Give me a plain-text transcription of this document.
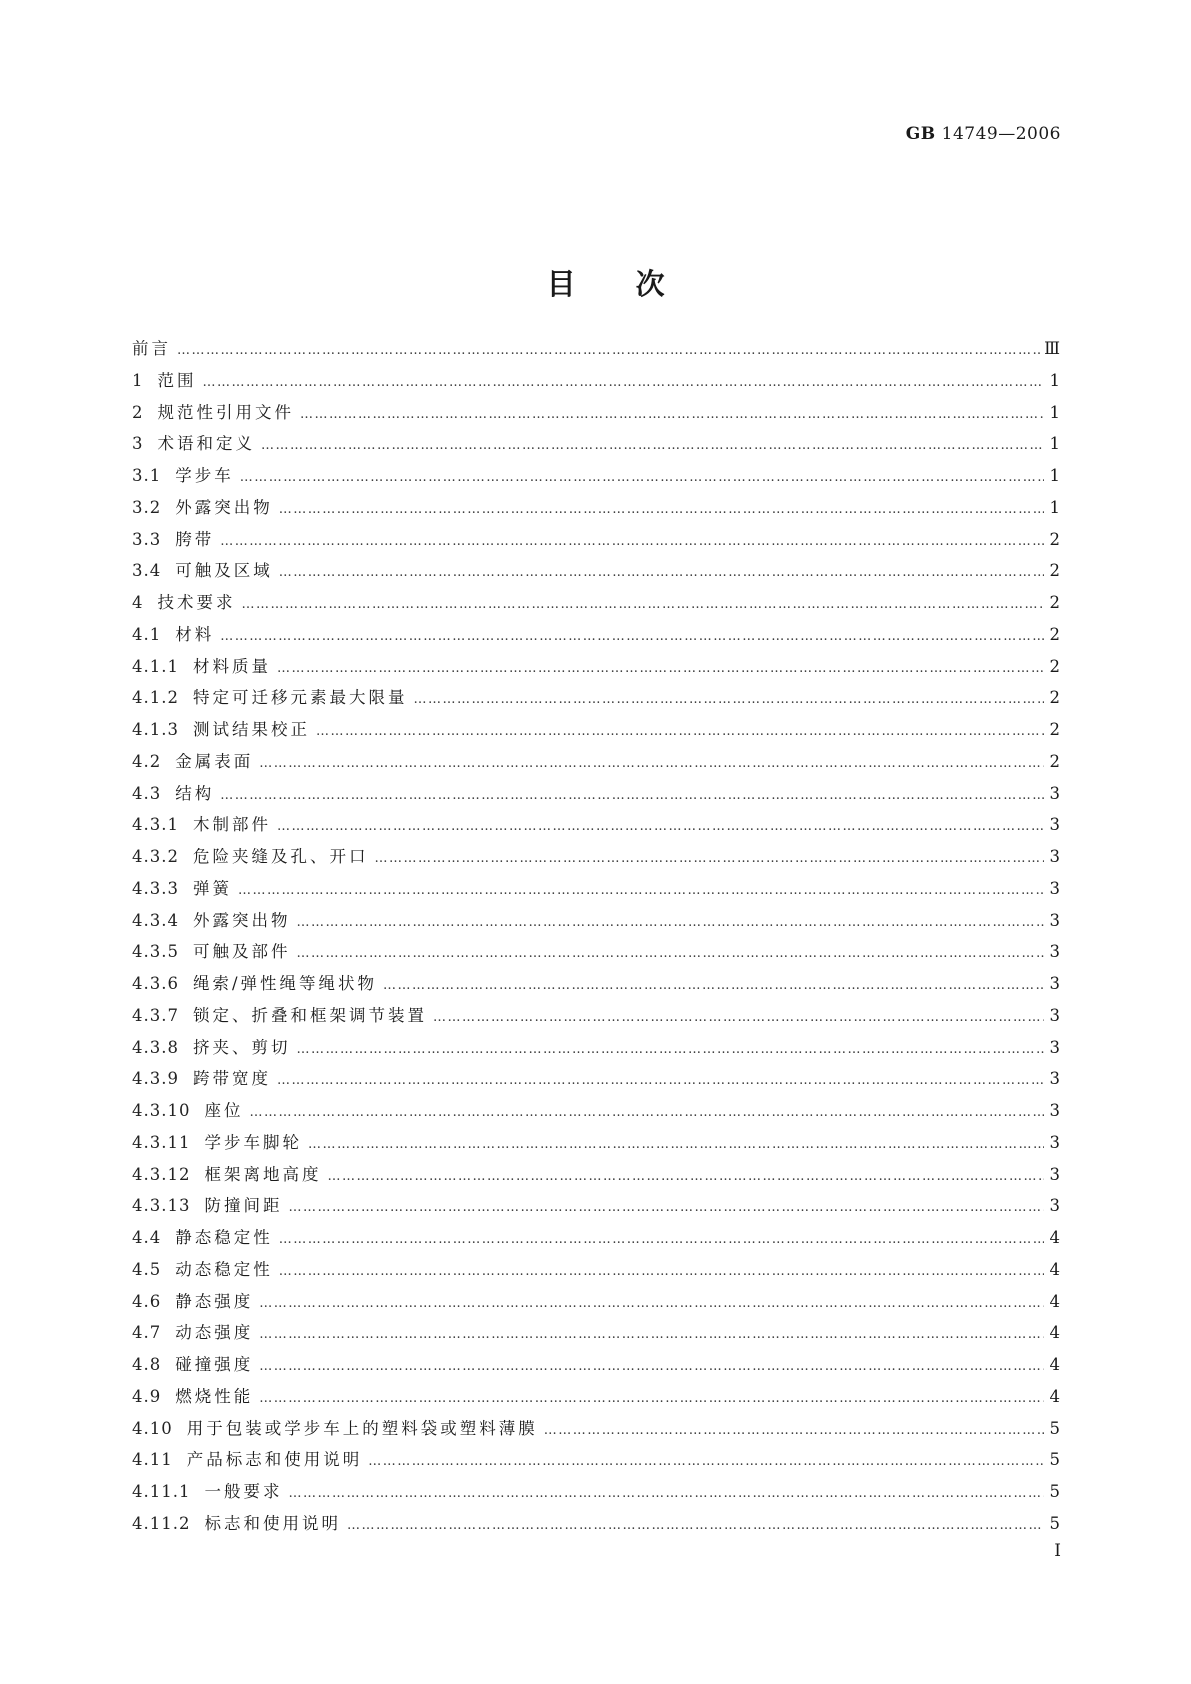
GB 14749—2006

目 次

前言 …………………………………………………………………………………………………………………………………………………………………………………………………………………………………………………	Ⅲ
1 范围 …………………………………………………………………………………………………………………………………………………………………………………………………………………………………………………	1
2 规范性引用文件 …………………………………………………………………………………………………………………………………………………………………………………………………………………………………………………	1
3 术语和定义 …………………………………………………………………………………………………………………………………………………………………………………………………………………………………………………	1
3.1 学步车 …………………………………………………………………………………………………………………………………………………………………………………………………………………………………………………	1
3.2 外露突出物 …………………………………………………………………………………………………………………………………………………………………………………………………………………………………………………	1
3.3 胯带 …………………………………………………………………………………………………………………………………………………………………………………………………………………………………………………	2
3.4 可触及区域 …………………………………………………………………………………………………………………………………………………………………………………………………………………………………………………	2
4 技术要求 …………………………………………………………………………………………………………………………………………………………………………………………………………………………………………………	2
4.1 材料 …………………………………………………………………………………………………………………………………………………………………………………………………………………………………………………	2
4.1.1 材料质量 …………………………………………………………………………………………………………………………………………………………………………………………………………………………………………………	2
4.1.2 特定可迁移元素最大限量 …………………………………………………………………………………………………………………………………………………………………………………………………………………………………………………	2
4.1.3 测试结果校正 …………………………………………………………………………………………………………………………………………………………………………………………………………………………………………………	2
4.2 金属表面 …………………………………………………………………………………………………………………………………………………………………………………………………………………………………………………	2
4.3 结构 …………………………………………………………………………………………………………………………………………………………………………………………………………………………………………………	3
4.3.1 木制部件 …………………………………………………………………………………………………………………………………………………………………………………………………………………………………………………	3
4.3.2 危险夹缝及孔、开口 …………………………………………………………………………………………………………………………………………………………………………………………………………………………………………………	3
4.3.3 弹簧 …………………………………………………………………………………………………………………………………………………………………………………………………………………………………………………	3
4.3.4 外露突出物 …………………………………………………………………………………………………………………………………………………………………………………………………………………………………………………	3
4.3.5 可触及部件 …………………………………………………………………………………………………………………………………………………………………………………………………………………………………………………	3
4.3.6 绳索/弹性绳等绳状物 …………………………………………………………………………………………………………………………………………………………………………………………………………………………………………………	3
4.3.7 锁定、折叠和框架调节装置 …………………………………………………………………………………………………………………………………………………………………………………………………………………………………………………	3
4.3.8 挤夹、剪切 …………………………………………………………………………………………………………………………………………………………………………………………………………………………………………………	3
4.3.9 跨带宽度 …………………………………………………………………………………………………………………………………………………………………………………………………………………………………………………	3
4.3.10 座位 …………………………………………………………………………………………………………………………………………………………………………………………………………………………………………………	3
4.3.11 学步车脚轮 …………………………………………………………………………………………………………………………………………………………………………………………………………………………………………………	3
4.3.12 框架离地高度 …………………………………………………………………………………………………………………………………………………………………………………………………………………………………………………	3
4.3.13 防撞间距 …………………………………………………………………………………………………………………………………………………………………………………………………………………………………………………	3
4.4 静态稳定性 …………………………………………………………………………………………………………………………………………………………………………………………………………………………………………………	4
4.5 动态稳定性 …………………………………………………………………………………………………………………………………………………………………………………………………………………………………………………	4
4.6 静态强度 …………………………………………………………………………………………………………………………………………………………………………………………………………………………………………………	4
4.7 动态强度 …………………………………………………………………………………………………………………………………………………………………………………………………………………………………………………	4
4.8 碰撞强度 …………………………………………………………………………………………………………………………………………………………………………………………………………………………………………………	4
4.9 燃烧性能 …………………………………………………………………………………………………………………………………………………………………………………………………………………………………………………	4
4.10 用于包装或学步车上的塑料袋或塑料薄膜 …………………………………………………………………………………………………………………………………………………………………………………………………………………………………………………	5
4.11 产品标志和使用说明 …………………………………………………………………………………………………………………………………………………………………………………………………………………………………………………	5
4.11.1 一般要求 …………………………………………………………………………………………………………………………………………………………………………………………………………………………………………………	5
4.11.2 标志和使用说明 …………………………………………………………………………………………………………………………………………………………………………………………………………………………………………………	5
I
